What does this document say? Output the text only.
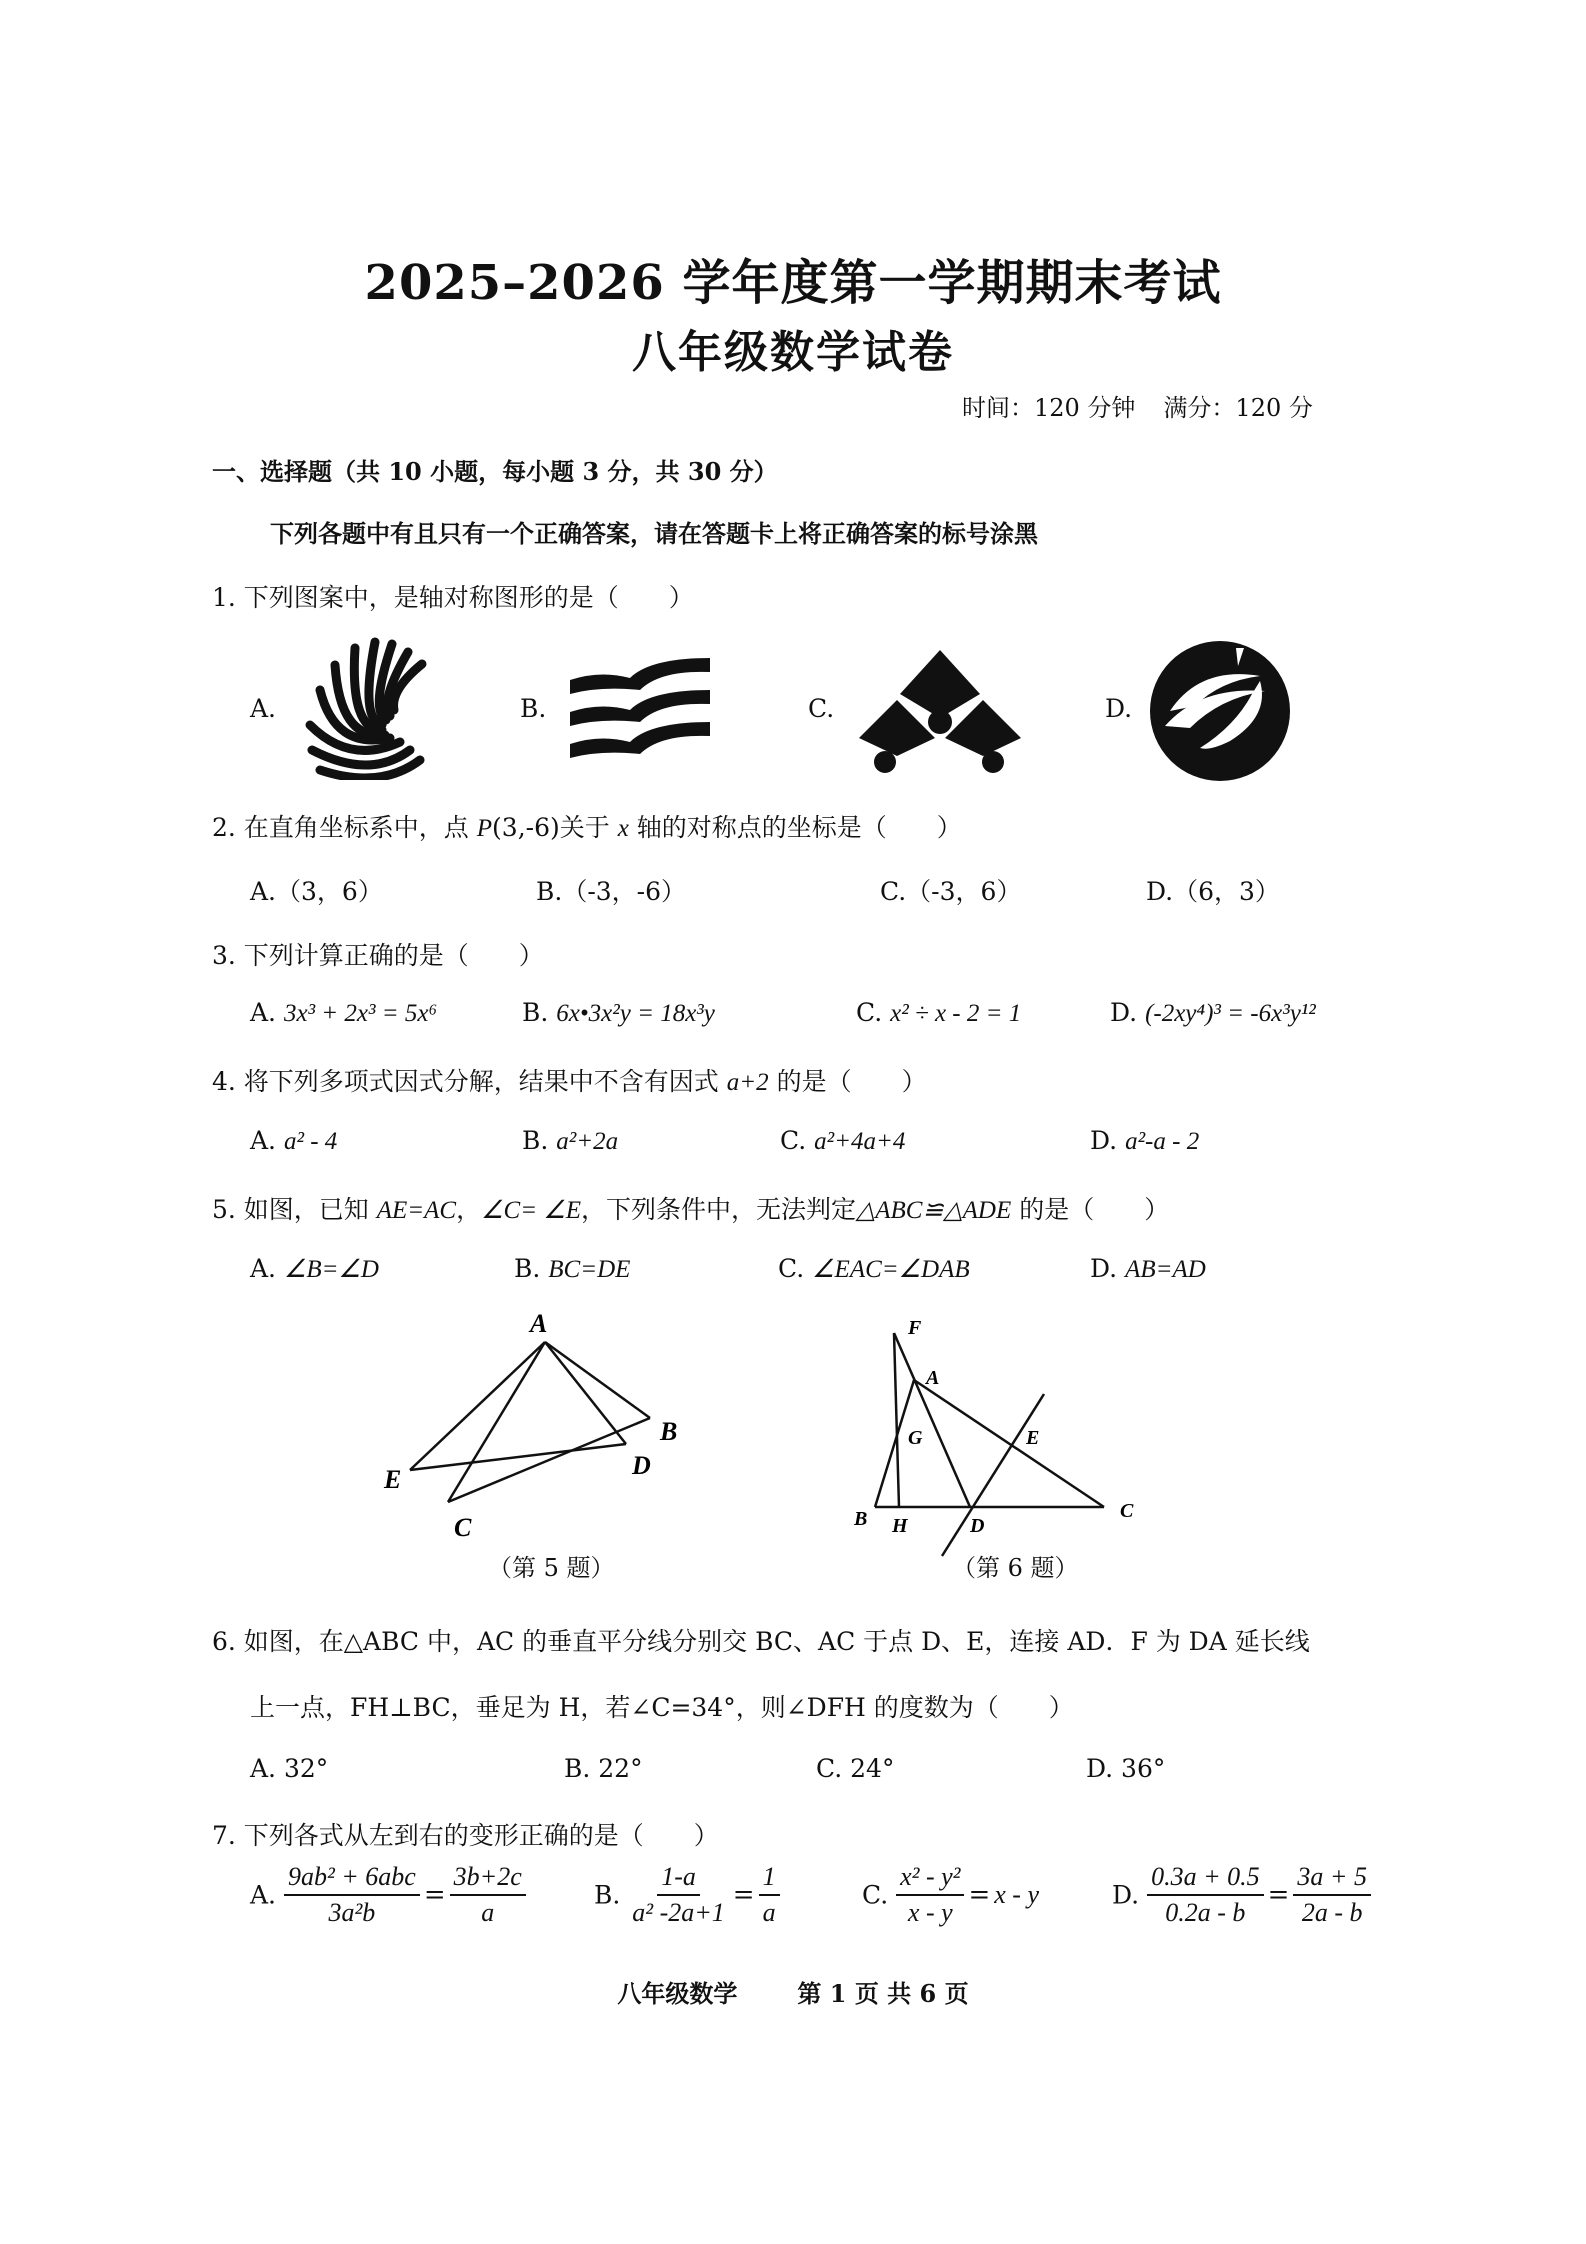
2025–2026 学年度第一学期期末考试
八年级数学试卷
时间：120 分钟 满分：120 分
一、选择题（共 10 小题，每小题 3 分，共 30 分）
下列各题中有且只有一个正确答案，请在答题卡上将正确答案的标号涂黑
1. 下列图案中，是轴对称图形的是（　　）
A.	B.	C.	D.
2. 在直角坐标系中，点 P(3,-6)关于 x 轴的对称点的坐标是（　　）
A.（3，6）	B.（-3，-6）	C.（-3，6）	D.（6，3）
3. 下列计算正确的是（　　）
A. 3x³ + 2x³ = 5x⁶	B. 6x•3x²y = 18x³y	C. x² ÷ x - 2 = 1	D. (-2xy⁴)³ = -6x³y¹²
4. 将下列多项式因式分解，结果中不含有因式 a+2 的是（　　）
A. a² - 4	B. a²+2a	C. a²+4a+4	D. a²-a - 2
5. 如图，已知 AE=AC，∠C= ∠E，下列条件中，无法判定△ABC≌△ADE 的是（　　）
A. ∠B=∠D	B. BC=DE	C. ∠EAC=∠DAB	D. AB=AD
A
B
C
D
E
（第 5 题）
F
A
G	E
B H	D
C
（第 6 题）
6. 如图，在△ABC 中，AC 的垂直平分线分别交 BC、AC 于点 D、E，连接 AD．F 为 DA 延长线
上一点，FH⊥BC，垂足为 H，若∠C=34°，则∠DFH 的度数为（　　）
A. 32°	B. 22°	C. 24°	D. 36°
7. 下列各式从左到右的变形正确的是（　　）
A. $\frac{\text{9ab² + 6abc}}{\text{3a²b}} = \frac{3b+2c}{a}$	B. $\frac{1-a}{\text{a² -2a+1}} = \frac{1}{a}$	C. $\frac{\text{x² - y²}}{x - y} = x - y$	D. $\frac{0.3a + 0.5}{0.2a - b} = \frac{3a + 5}{2a - b}$
八年级数学	第 1 页 共 6 页
